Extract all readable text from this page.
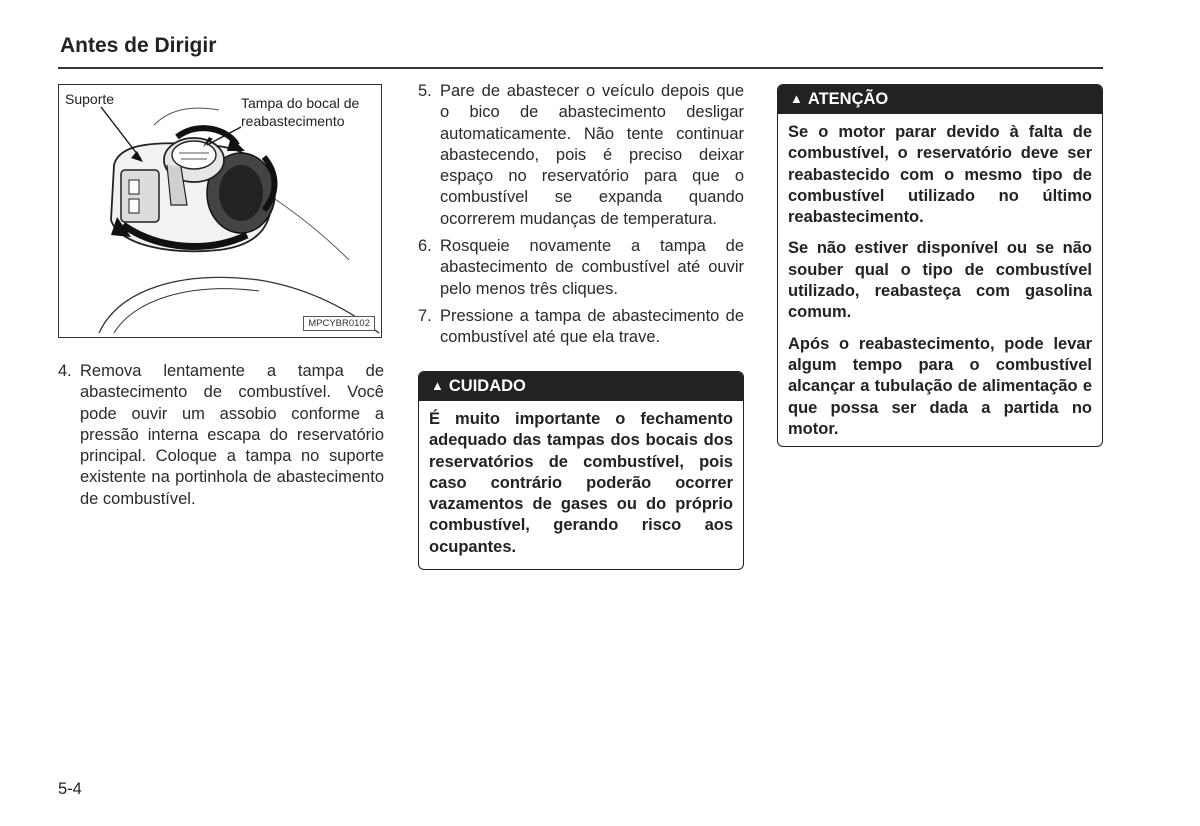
Antes de Dirigir
Suporte	Tampa do bocal de reabastecimento
MPCYBR0102
4. Remova lentamente a tampa de abastecimento de combustível. Você pode ouvir um assobio conforme a pressão interna escapa do reservatório principal. Coloque a tampa no suporte existente na portinhola de abastecimento de combustível.
5. Pare de abastecer o veículo depois que o bico de abastecimento desligar automaticamente. Não tente continuar abastecendo, pois é preciso deixar espaço no reservatório para que o combustível se expanda quando ocorrerem mudanças de temperatura.
6. Rosqueie novamente a tampa de abastecimento de combustível até ouvir pelo menos três cliques.
7. Pressione a tampa de abastecimento de combustível até que ela trave.
▲ CUIDADO

É muito importante o fechamento adequado das tampas dos bocais dos reservatórios de combustível, pois caso contrário poderão ocorrer vazamentos de gases ou do próprio combustível, gerando risco aos ocupantes.

▲ ATENÇÃO

Se o motor parar devido à falta de combustível, o reservatório deve ser reabastecido com o mesmo tipo de combustível utilizado no último reabastecimento.

Se não estiver disponível ou se não souber qual o tipo de combustível utilizado, reabasteça com gasolina comum.

Após o reabastecimento, pode levar algum tempo para o combustível alcançar a tubulação de alimentação e que possa ser dada a partida no motor.

5-4
